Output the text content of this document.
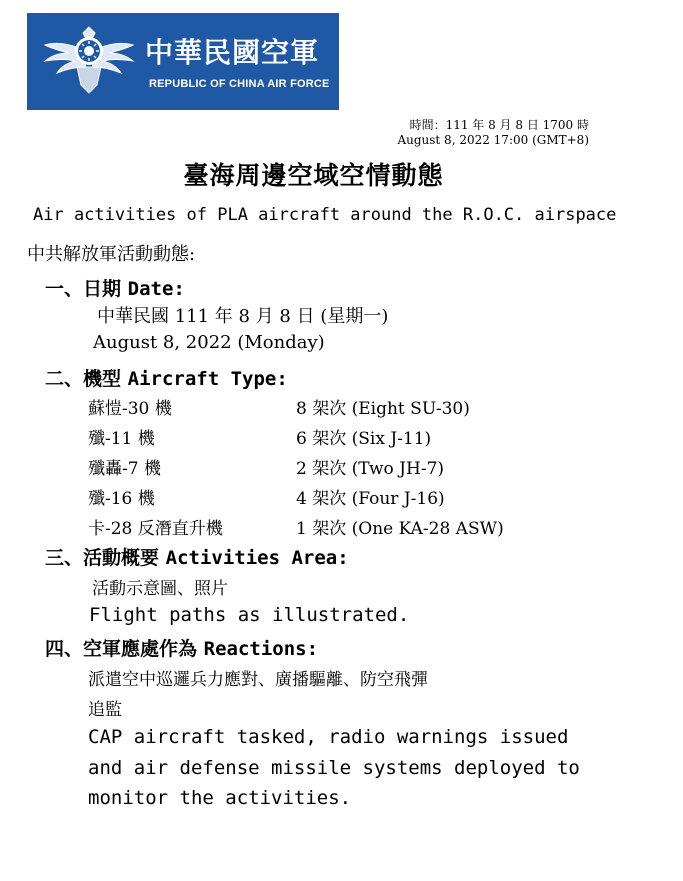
中華民國空軍
REPUBLIC OF CHINA AIR FORCE
時間：111 年 8 月 8 日 1700 時
August 8, 2022 17:00 (GMT+8)
臺海周邊空域空情動態
Air activities of PLA aircraft around the R.O.C. airspace
中共解放軍活動動態:
一、日期 Date:
中華民國 111 年 8 月 8 日 (星期一)
August 8, 2022 (Monday)
二、機型 Aircraft Type:
蘇愷-30 機	8 架次 (Eight SU-30)
殲-11 機	6 架次 (Six J-11)
殲轟-7 機	2 架次 (Two JH-7)
殲-16 機	4 架次 (Four J-16)
卡-28 反潛直升機	1 架次 (One KA-28 ASW)
三、活動概要 Activities Area:
活動示意圖、照片
Flight paths as illustrated.
四、空軍應處作為 Reactions:
派遣空中巡邏兵力應對、廣播驅離、防空飛彈
追監
CAP aircraft tasked, radio warnings issued
and air defense missile systems deployed to
monitor the activities.
